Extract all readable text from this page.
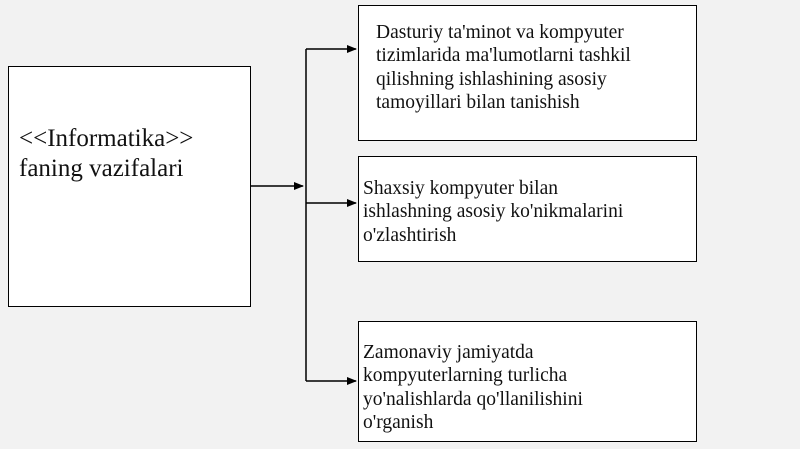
<<Informatika>>
faning vazifalari
Dasturiy ta'minot va kompyuter
tizimlarida ma'lumotlarni tashkil
qilishning ishlashining asosiy
tamoyillari bilan tanishish
Shaxsiy kompyuter bilan
ishlashning asosiy ko'nikmalarini
o'zlashtirish
Zamonaviy jamiyatda
kompyuterlarning turlicha
yo'nalishlarda qo'llanilishini
o'rganish
